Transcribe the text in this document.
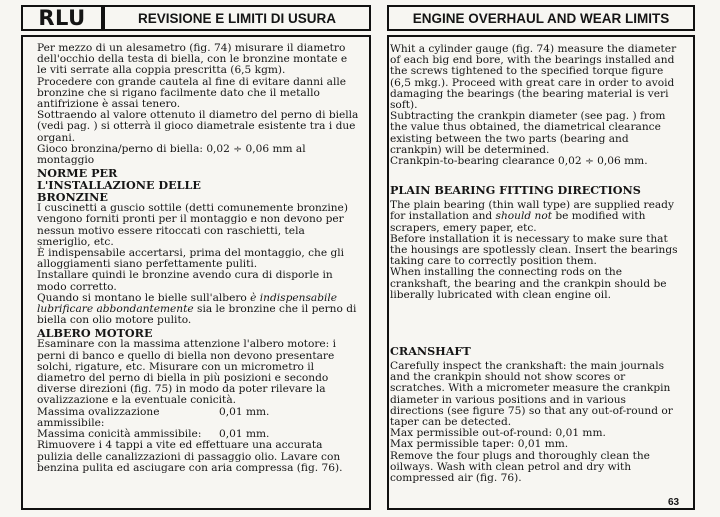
RLU	REVISIONE E LIMITI DI USURA	ENGINE OVERHAUL AND WEAR LIMITS

Per mezzo di un alesametro (fig. 74) misurare il diametro dell'occhio della testa di biella, con le bronzine montate e le viti serrate alla coppia prescritta (6,5 kgm).

Procedere con grande cautela al fine di evitare danni alle bronzine che si rigano facilmente dato che il metallo antifrizione è assai tenero.

Sottraendo al valore ottenuto il diametro del perno di biella (vedi pag. ) si otterrà il gioco diametrale esistente tra i due organi.

Gioco bronzina/perno di biella: 0,02 ÷ 0,06 mm al montaggio

NORME PER L'INSTALLAZIONE DELLE BRONZINE

I cuscinetti a guscio sottile (detti comunemente bronzine) vengono forniti pronti per il montaggio e non devono per nessun motivo essere ritoccati con raschietti, tela smeriglio, etc.

È indispensabile accertarsi, prima del montaggio, che gli alloggiamenti siano perfettamente puliti.

Installare quindi le bronzine avendo cura di disporle in modo corretto.

Quando si montano le bielle sull'albero è indispensabile lubrificare abbondantemente sia le bronzine che il perno di biella con olio motore pulito.

ALBERO MOTORE

Esaminare con la massima attenzione l'albero motore: i perni di banco e quello di biella non devono presentare solchi, rigature, etc. Misurare con un micrometro il diametro del perno di biella in più posizioni e secondo diverse direzioni (fig. 75) in modo da poter rilevare la ovalizzazione e la eventuale conicità.

Massima ovalizzazione ammissibile:
0,01 mm.
Massima conicità ammissibile:	0,01 mm.

Rimuovere i 4 tappi a vite ed effettuare una accurata pulizia delle canalizzazioni di passaggio olio. Lavare con benzina pulita ed asciugare con aria compressa (fig. 76).

Whit a cylinder gauge (fig. 74) measure the diameter of each big end bore, with the bearings installed and the screws tightened to the specified torque figure (6,5 mkg.). Proceed with great care in order to avoid damaging the bearings (the bearing material is veri soft).

Subtracting the crankpin diameter (see pag. ) from the value thus obtained, the diametrical clearance existing between the two parts (bearing and crankpin) will be determined.

Crankpin-to-bearing clearance 0,02 ÷ 0,06 mm.

PLAIN BEARING FITTING DIRECTIONS

The plain bearing (thin wall type) are supplied ready for installation and should not be modified with scrapers, emery paper, etc.

Before installation it is necessary to make sure that the housings are spotlessly clean. Insert the bearings taking care to correctly position them.

When installing the connecting rods on the crankshaft, the bearing and the crankpin should be liberally lubricated with clean engine oil.

CRANSHAFT

Carefully inspect the crankshaft: the main journals and the crankpin should not show scores or scratches. With a micrometer measure the crankpin diameter in various positions and in various directions (see figure 75) so that any out-of-round or taper can be detected.

Max permissible out-of-round: 0,01 mm.

Max permissible taper: 0,01 mm.

Remove the four plugs and thoroughly clean the oilways. Wash with clean petrol and dry with compressed air (fig. 76).

63
